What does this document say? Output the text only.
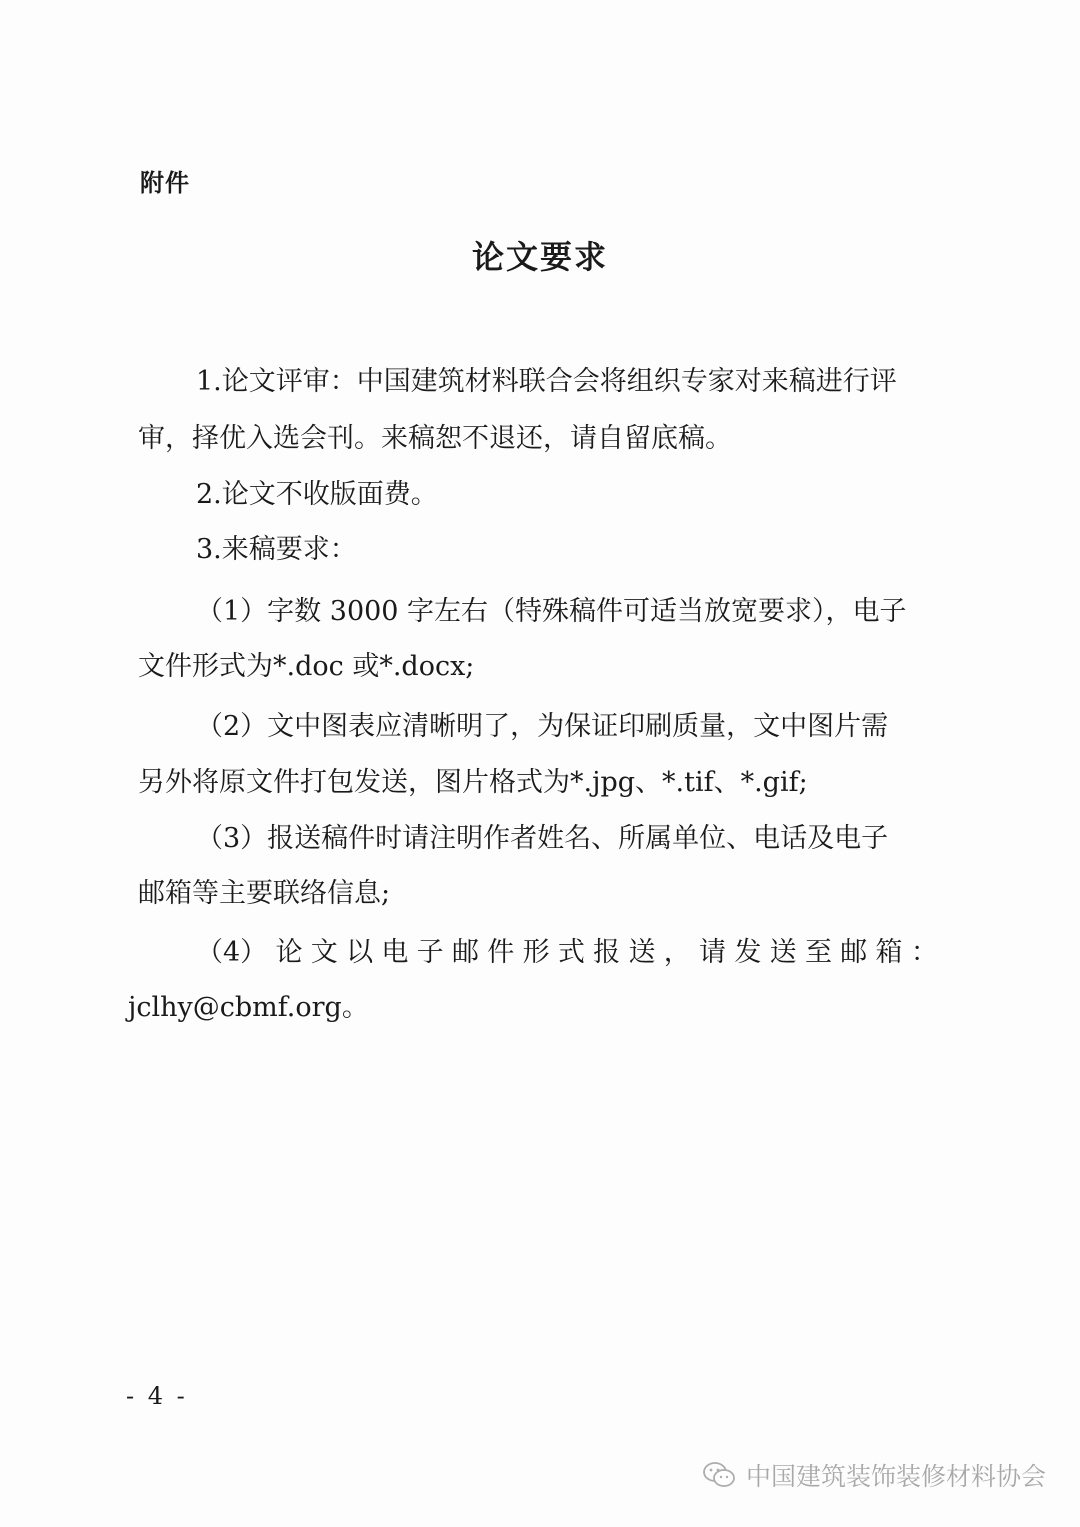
附件
论文要求
1.论文评审：中国建筑材料联合会将组织专家对来稿进行评
审，择优入选会刊。来稿恕不退还，请自留底稿。
2.论文不收版面费。
3.来稿要求：
（1）字数 3000 字左右（特殊稿件可适当放宽要求），电子
文件形式为*.doc 或*.docx;
（2）文中图表应清晰明了，为保证印刷质量，文中图片需
另外将原文件打包发送，图片格式为*.jpg、*.tif、*.gif;
（3）报送稿件时请注明作者姓名、所属单位、电话及电子
邮箱等主要联络信息;
（4） 论 文 以 电 子 邮 件 形 式 报 送 ， 请 发 送 至 邮 箱 ：
jclhy@cbmf.org。
- 4 -
中国建筑装饰装修材料协会
